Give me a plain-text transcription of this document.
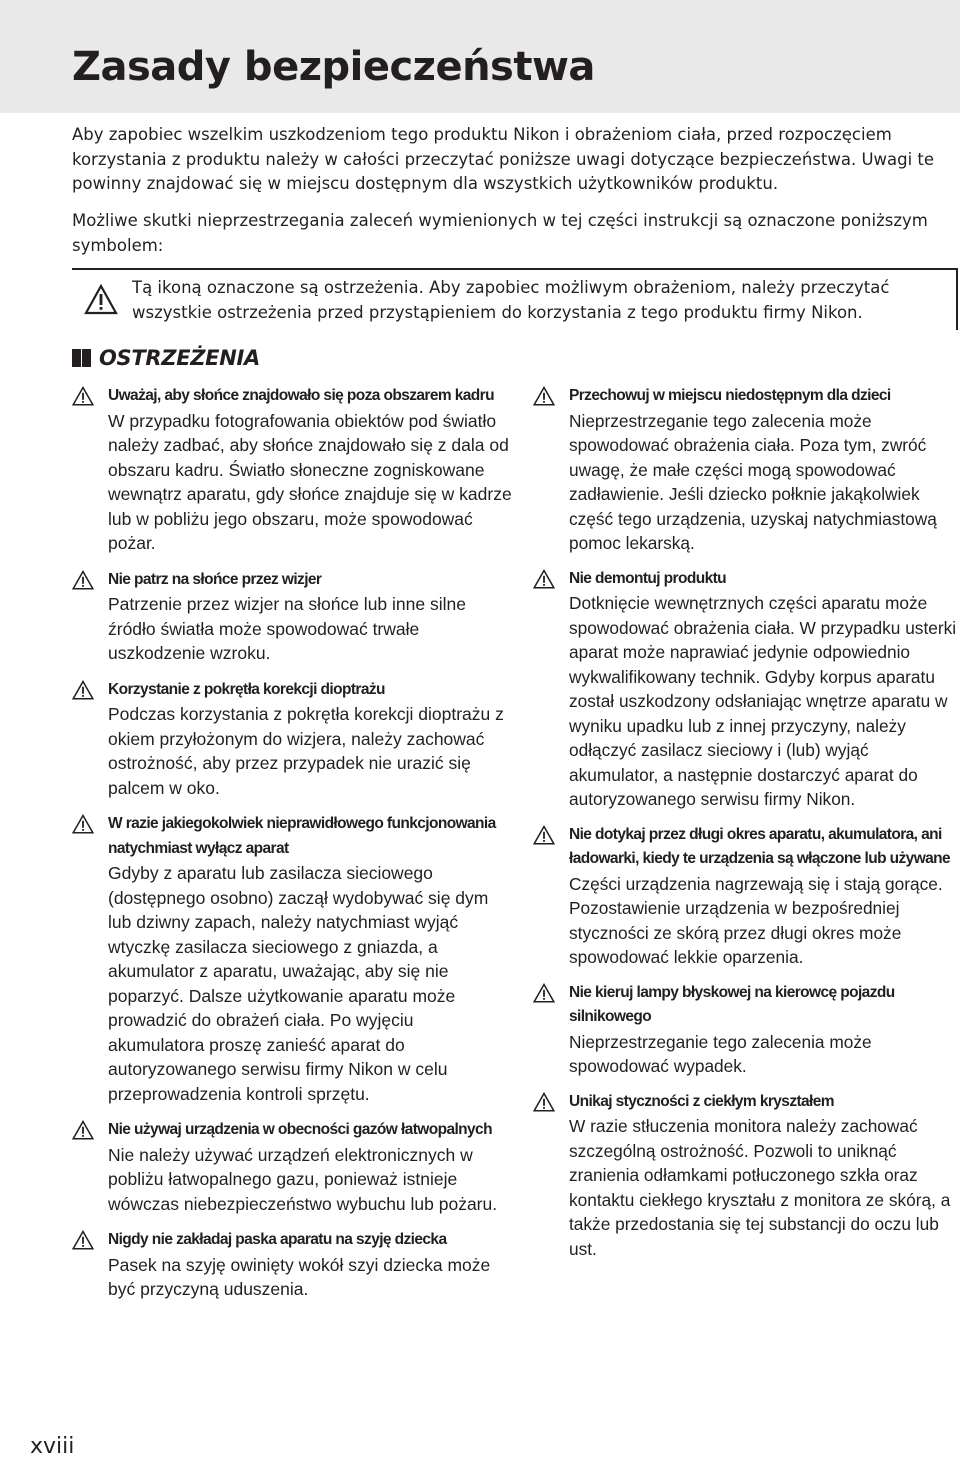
Zasady bezpieczeństwa

Aby zapobiec wszelkim uszkodzeniom tego produktu Nikon i obrażeniom ciała, przed rozpoczęciem korzystania z produktu należy w całości przeczytać poniższe uwagi dotyczące bezpieczeństwa. Uwagi te powinny znajdować się w miejscu dostępnym dla wszystkich użytkowników produktu.

Możliwe skutki nieprzestrzegania zaleceń wymienionych w tej części instrukcji są oznaczone poniższym symbolem:

Tą ikoną oznaczone są ostrzeżenia. Aby zapobiec możliwym obrażeniom, należy przeczytać wszystkie ostrzeżenia przed przystąpieniem do korzystania z tego produktu firmy Nikon.

OSTRZEŻENIA
Uważaj, aby słońce znajdowało się poza obszarem kadru
W przypadku fotografowania obiektów pod światło należy zadbać, aby słońce znajdowało się z dala od obszaru kadru. Światło słoneczne zogniskowane wewnątrz aparatu, gdy słońce znajduje się w kadrze lub w pobliżu jego obszaru, może spowodować pożar.
Nie patrz na słońce przez wizjer
Patrzenie przez wizjer na słońce lub inne silne źródło światła może spowodować trwałe uszkodzenie wzroku.
Korzystanie z pokrętła korekcji dioptrażu
Podczas korzystania z pokrętła korekcji dioptrażu z okiem przyłożonym do wizjera, należy zachować ostrożność, aby przez przypadek nie urazić się palcem w oko.
W razie jakiegokolwiek nieprawidłowego funkcjonowania natychmiast wyłącz aparat
Gdyby z aparatu lub zasilacza sieciowego (dostępnego osobno) zaczął wydobywać się dym lub dziwny zapach, należy natychmiast wyjąć wtyczkę zasilacza sieciowego z gniazda, a akumulator z aparatu, uważając, aby się nie poparzyć. Dalsze użytkowanie aparatu może prowadzić do obrażeń ciała. Po wyjęciu akumulatora proszę zanieść aparat do autoryzowanego serwisu firmy Nikon w celu przeprowadzenia kontroli sprzętu.
Nie używaj urządzenia w obecności gazów łatwopalnych
Nie należy używać urządzeń elektronicznych w pobliżu łatwopalnego gazu, ponieważ istnieje wówczas niebezpieczeństwo wybuchu lub pożaru.
Nigdy nie zakładaj paska aparatu na szyję dziecka
Pasek na szyję owinięty wokół szyi dziecka może być przyczyną uduszenia.
Przechowuj w miejscu niedostępnym dla dzieci
Nieprzestrzeganie tego zalecenia może spowodować obrażenia ciała. Poza tym, zwróć uwagę, że małe części mogą spowodować zadławienie. Jeśli dziecko połknie jakąkolwiek część tego urządzenia, uzyskaj natychmiastową pomoc lekarską.
Nie demontuj produktu
Dotknięcie wewnętrznych części aparatu może spowodować obrażenia ciała. W przypadku usterki aparat może naprawiać jedynie odpowiednio wykwalifikowany technik. Gdyby korpus aparatu został uszkodzony odsłaniając wnętrze aparatu w wyniku upadku lub z innej przyczyny, należy odłączyć zasilacz sieciowy i (lub) wyjąć akumulator, a następnie dostarczyć aparat do autoryzowanego serwisu firmy Nikon.
Nie dotykaj przez długi okres aparatu, akumulatora, ani ładowarki, kiedy te urządzenia są włączone lub używane
Części urządzenia nagrzewają się i stają gorące. Pozostawienie urządzenia w bezpośredniej styczności ze skórą przez długi okres może spowodować lekkie oparzenia.
Nie kieruj lampy błyskowej na kierowcę pojazdu silnikowego
Nieprzestrzeganie tego zalecenia może spowodować wypadek.
Unikaj styczności z ciekłym kryształem
W razie stłuczenia monitora należy zachować szczególną ostrożność. Pozwoli to uniknąć zranienia odłamkami potłuczonego szkła oraz kontaktu ciekłego kryształu z monitora ze skórą, a także przedostania się tej substancji do oczu lub ust.

xviii
